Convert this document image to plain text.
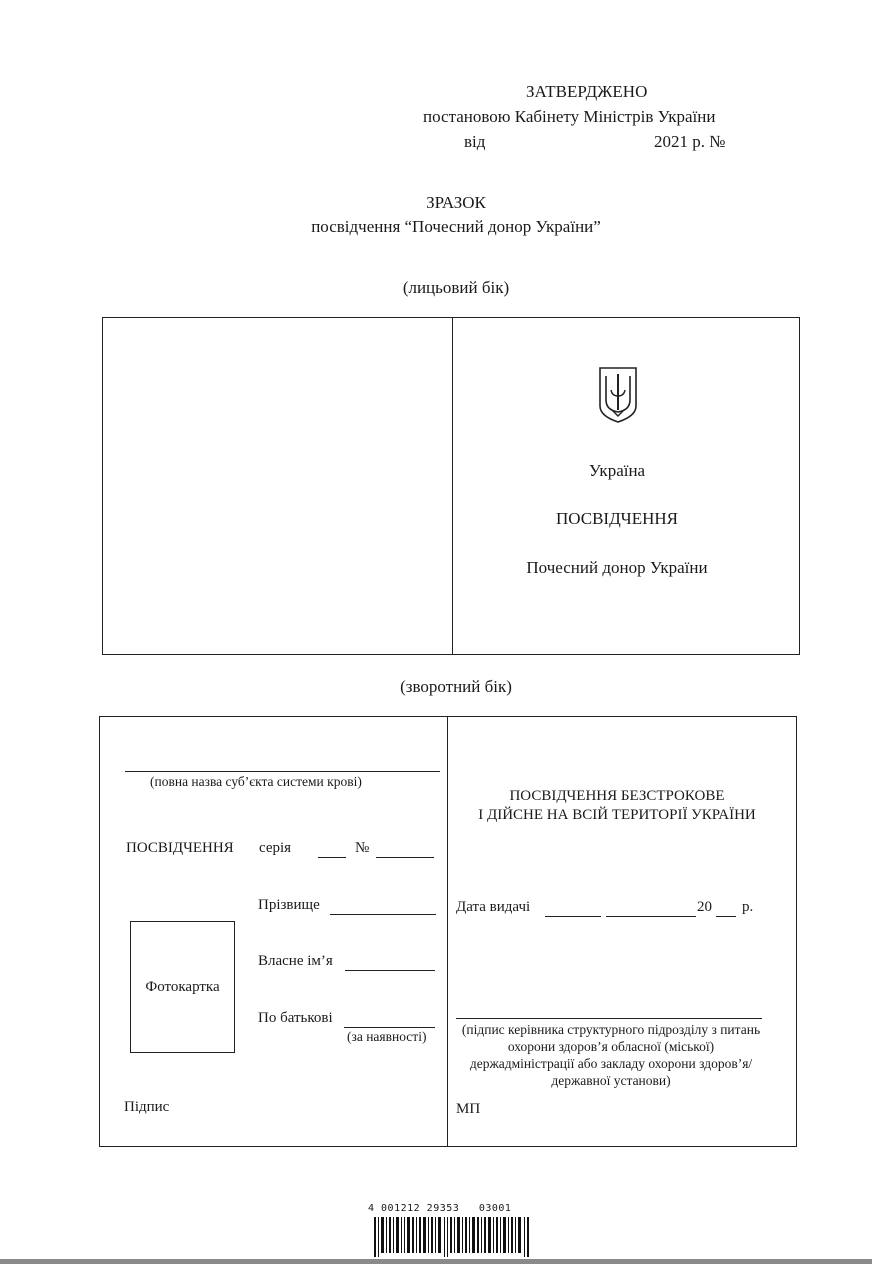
ЗАТВЕРДЖЕНО
постановою Кабінету Міністрів України
від	2021 р. №
ЗРАЗОК
посвідчення “Почесний донор України”
(лицьовий бік)
Україна
ПОСВІДЧЕННЯ
Почесний донор України
(зворотний бік)
(повна назва суб’єкта системи крові)
ПОСВІДЧЕННЯ серія	№
Прізвище
Власне ім’я
По батькові
(за наявності)
Фотокартка
Підпис
ПОСВІДЧЕННЯ БЕЗСТРОКОВЕ
І ДІЙСНЕ НА ВСІЙ ТЕРИТОРІЇ УКРАЇНИ
Дата видачі	20 р.
(підпис керівника структурного підрозділу з питань охорони здоров’я обласної (міської) держадміністрації або закладу охорони здоров’я/державної установи)
МП
4 001212 29353   03001
